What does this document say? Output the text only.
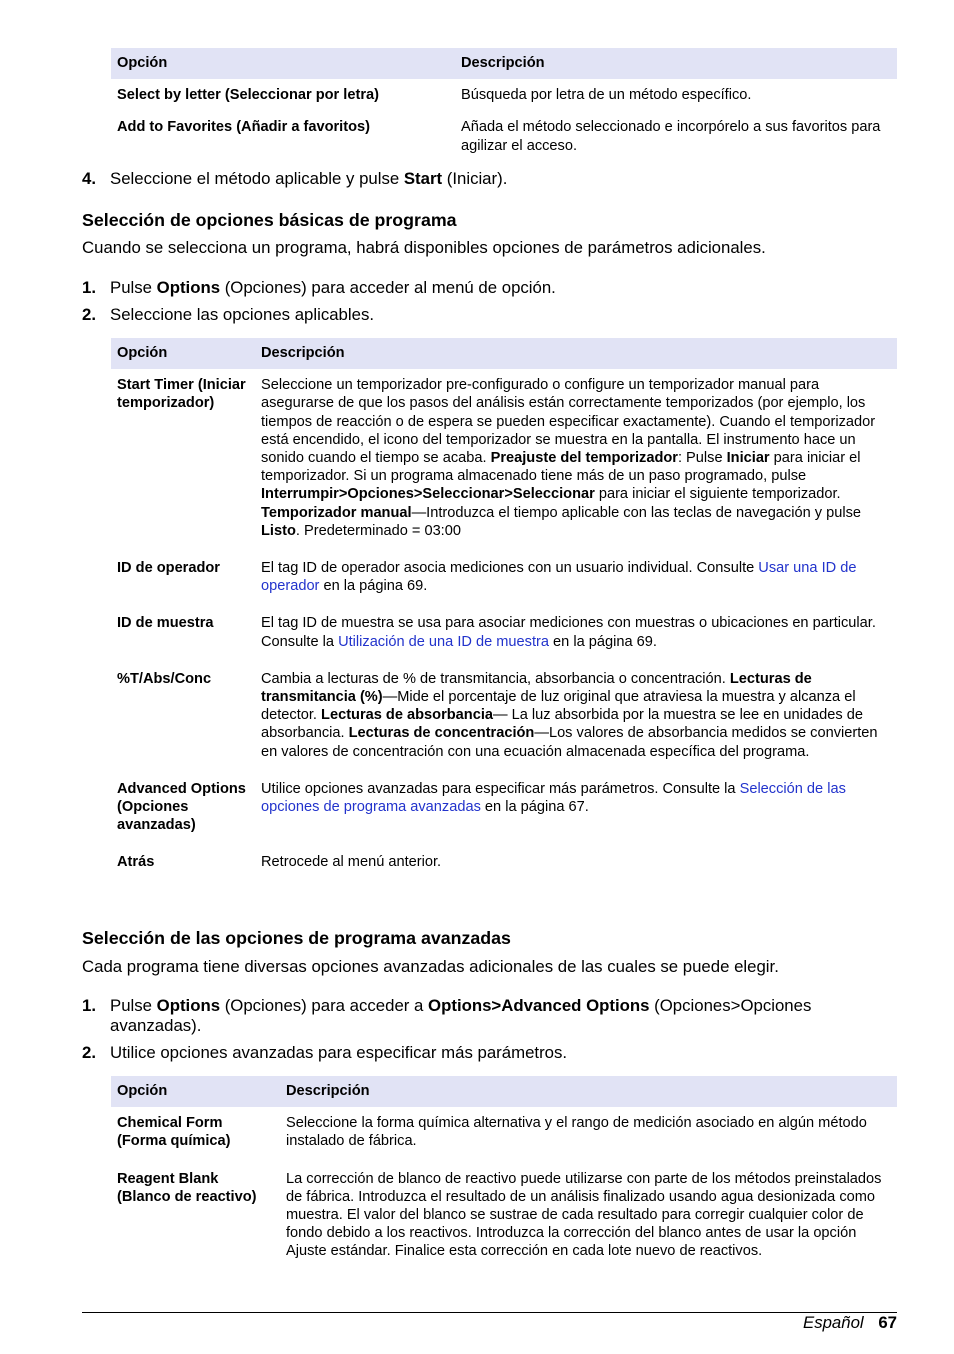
Opción	Descripción
Select by letter (Seleccionar por letra)	Búsqueda por letra de un método específico.
Add to Favorites (Añadir a favoritos)	Añada el método seleccionado e incorpórelo a sus favoritos para agilizar el acceso.
4. Seleccione el método aplicable y pulse Start (Iniciar).
Selección de opciones básicas de programa
Cuando se selecciona un programa, habrá disponibles opciones de parámetros adicionales.
1. Pulse Options (Opciones) para acceder al menú de opción.
2. Seleccione las opciones aplicables.
Opción	Descripción
Start Timer (Iniciar temporizador)	Seleccione un temporizador pre-configurado o configure un temporizador manual para asegurarse de que los pasos del análisis están correctamente temporizados (por ejemplo, los tiempos de reacción o de espera se pueden especificar exactamente). Cuando el temporizador está encendido, el icono del temporizador se muestra en la pantalla. El instrumento hace un sonido cuando el tiempo se acaba. Preajuste del temporizador: Pulse Iniciar para iniciar el temporizador. Si un programa almacenado tiene más de un paso programado, pulse Interrumpir>Opciones>Seleccionar>Seleccionar para iniciar el siguiente temporizador. Temporizador manual—Introduzca el tiempo aplicable con las teclas de navegación y pulse Listo. Predeterminado = 03:00
ID de operador	El tag ID de operador asocia mediciones con un usuario individual. Consulte Usar una ID de operador en la página 69.
ID de muestra	El tag ID de muestra se usa para asociar mediciones con muestras o ubicaciones en particular. Consulte la Utilización de una ID de muestra en la página 69.
%T/Abs/Conc	Cambia a lecturas de % de transmitancia, absorbancia o concentración. Lecturas de transmitancia (%)—Mide el porcentaje de luz original que atraviesa la muestra y alcanza el detector. Lecturas de absorbancia— La luz absorbida por la muestra se lee en unidades de absorbancia. Lecturas de concentración—Los valores de absorbancia medidos se convierten en valores de concentración con una ecuación almacenada específica del programa.
Advanced Options (Opciones avanzadas)	Utilice opciones avanzadas para especificar más parámetros. Consulte la Selección de las opciones de programa avanzadas en la página 67.
Atrás	Retrocede al menú anterior.
Selección de las opciones de programa avanzadas
Cada programa tiene diversas opciones avanzadas adicionales de las cuales se puede elegir.
1. Pulse Options (Opciones) para acceder a Options>Advanced Options (Opciones>Opciones avanzadas).
2. Utilice opciones avanzadas para especificar más parámetros.
Opción	Descripción
Chemical Form (Forma química)	Seleccione la forma química alternativa y el rango de medición asociado en algún método instalado de fábrica.
Reagent Blank (Blanco de reactivo)	La corrección de blanco de reactivo puede utilizarse con parte de los métodos preinstalados de fábrica. Introduzca el resultado de un análisis finalizado usando agua desionizada como muestra. El valor del blanco se sustrae de cada resultado para corregir cualquier color de fondo debido a los reactivos. Introduzca la corrección del blanco antes de usar la opción Ajuste estándar. Finalice esta corrección en cada lote nuevo de reactivos.
Español 67
